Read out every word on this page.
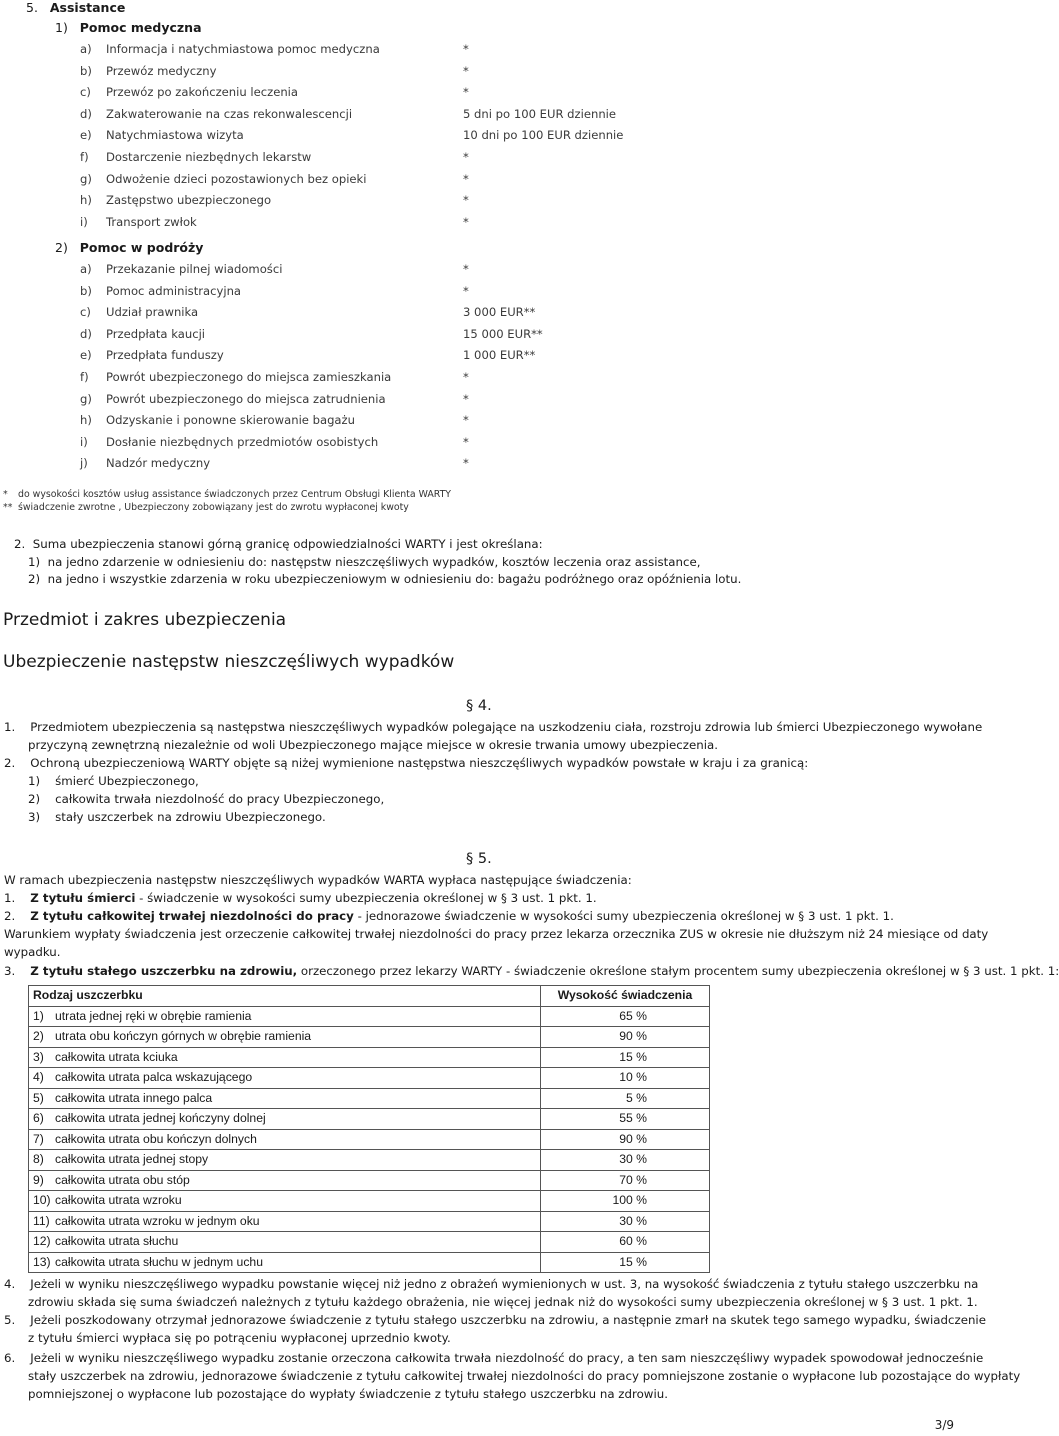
5. Assistance
1) Pomoc medyczna
a) Informacja i natychmiastowa pomoc medyczna	*
b) Przewóz medyczny	*
c) Przewóz po zakończeniu leczenia	*
d) Zakwaterowanie na czas rekonwalescencji	5 dni po 100 EUR dziennie
e) Natychmiastowa wizyta	10 dni po 100 EUR dziennie
f) Dostarczenie niezbędnych lekarstw	*
g) Odwożenie dzieci pozostawionych bez opieki	*
h) Zastępstwo ubezpieczonego	*
i) Transport zwłok	*
2) Pomoc w podróży
a) Przekazanie pilnej wiadomości	*
b) Pomoc administracyjna	*
c) Udział prawnika	3 000 EUR**
d) Przedpłata kaucji	15 000 EUR**
e) Przedpłata funduszy	1 000 EUR**
f) Powrót ubezpieczonego do miejsca zamieszkania	*
g) Powrót ubezpieczonego do miejsca zatrudnienia	*
h) Odzyskanie i ponowne skierowanie bagażu	*
i) Dosłanie niezbędnych przedmiotów osobistych	*
j) Nadzór medyczny	*
* do wysokości kosztów usług assistance świadczonych przez Centrum Obsługi Klienta WARTY
** świadczenie zwrotne , Ubezpieczony zobowiązany jest do zwrotu wypłaconej kwoty
2. Suma ubezpieczenia stanowi górną granicę odpowiedzialności WARTY i jest określana:
1) na jedno zdarzenie w odniesieniu do: następstw nieszczęśliwych wypadków, kosztów leczenia oraz assistance,
2) na jedno i wszystkie zdarzenia w roku ubezpieczeniowym w odniesieniu do: bagażu podróżnego oraz opóźnienia lotu.
Przedmiot i zakres ubezpieczenia
Ubezpieczenie następstw nieszczęśliwych wypadków
§ 4.
1. Przedmiotem ubezpieczenia są następstwa nieszczęśliwych wypadków polegające na uszkodzeniu ciała, rozstroju zdrowia lub śmierci Ubezpieczonego wywołane
przyczyną zewnętrzną niezależnie od woli Ubezpieczonego mające miejsce w okresie trwania umowy ubezpieczenia.
2. Ochroną ubezpieczeniową WARTY objęte są niżej wymienione następstwa nieszczęśliwych wypadków powstałe w kraju i za granicą:
1) śmierć Ubezpieczonego,
2) całkowita trwała niezdolność do pracy Ubezpieczonego,
3) stały uszczerbek na zdrowiu Ubezpieczonego.
§ 5.
W ramach ubezpieczenia następstw nieszczęśliwych wypadków WARTA wypłaca następujące świadczenia:
1. Z tytułu śmierci - świadczenie w wysokości sumy ubezpieczenia określonej w § 3 ust. 1 pkt. 1.
2. Z tytułu całkowitej trwałej niezdolności do pracy - jednorazowe świadczenie w wysokości sumy ubezpieczenia określonej w § 3 ust. 1 pkt. 1.
Warunkiem wypłaty świadczenia jest orzeczenie całkowitej trwałej niezdolności do pracy przez lekarza orzecznika ZUS w okresie nie dłuższym niż 24 miesiące od daty
wypadku.
3. Z tytułu stałego uszczerbku na zdrowiu, orzeczonego przez lekarzy WARTY - świadczenie określone stałym procentem sumy ubezpieczenia określonej w § 3 ust. 1 pkt. 1:
Rodzaj uszczerbku		Wysokość świadczenia
1)	utrata jednej ręki w obrębie ramienia	65 %
2)	utrata obu kończyn górnych w obrębie ramienia	90 %
3)	całkowita utrata kciuka	15 %
4)	całkowita utrata palca wskazującego	10 %
5)	całkowita utrata innego palca	5 %
6)	całkowita utrata jednej kończyny dolnej	55 %
7)	całkowita utrata obu kończyn dolnych	90 %
8)	całkowita utrata jednej stopy	30 %
9)	całkowita utrata obu stóp	70 %
10)	całkowita utrata wzroku	100 %
11)	całkowita utrata wzroku w jednym oku	30 %
12)	całkowita utrata słuchu	60 %
13)	całkowita utrata słuchu w jednym uchu	15 %
4. Jeżeli w wyniku nieszczęśliwego wypadku powstanie więcej niż jedno z obrażeń wymienionych w ust. 3, na wysokość świadczenia z tytułu stałego uszczerbku na
zdrowiu składa się suma świadczeń należnych z tytułu każdego obrażenia, nie więcej jednak niż do wysokości sumy ubezpieczenia określonej w § 3 ust. 1 pkt. 1.
5. Jeżeli poszkodowany otrzymał jednorazowe świadczenie z tytułu stałego uszczerbku na zdrowiu, a następnie zmarł na skutek tego samego wypadku, świadczenie
z tytułu śmierci wypłaca się po potrąceniu wypłaconej uprzednio kwoty.
6. Jeżeli w wyniku nieszczęśliwego wypadku zostanie orzeczona całkowita trwała niezdolność do pracy, a ten sam nieszczęśliwy wypadek spowodował jednocześnie
stały uszczerbek na zdrowiu, jednorazowe świadczenie z tytułu całkowitej trwałej niezdolności do pracy pomniejszone zostanie o wypłacone lub pozostające do wypłaty
pomniejszonej o wypłacone lub pozostające do wypłaty świadczenie z tytułu stałego uszczerbku na zdrowiu.
3/9
